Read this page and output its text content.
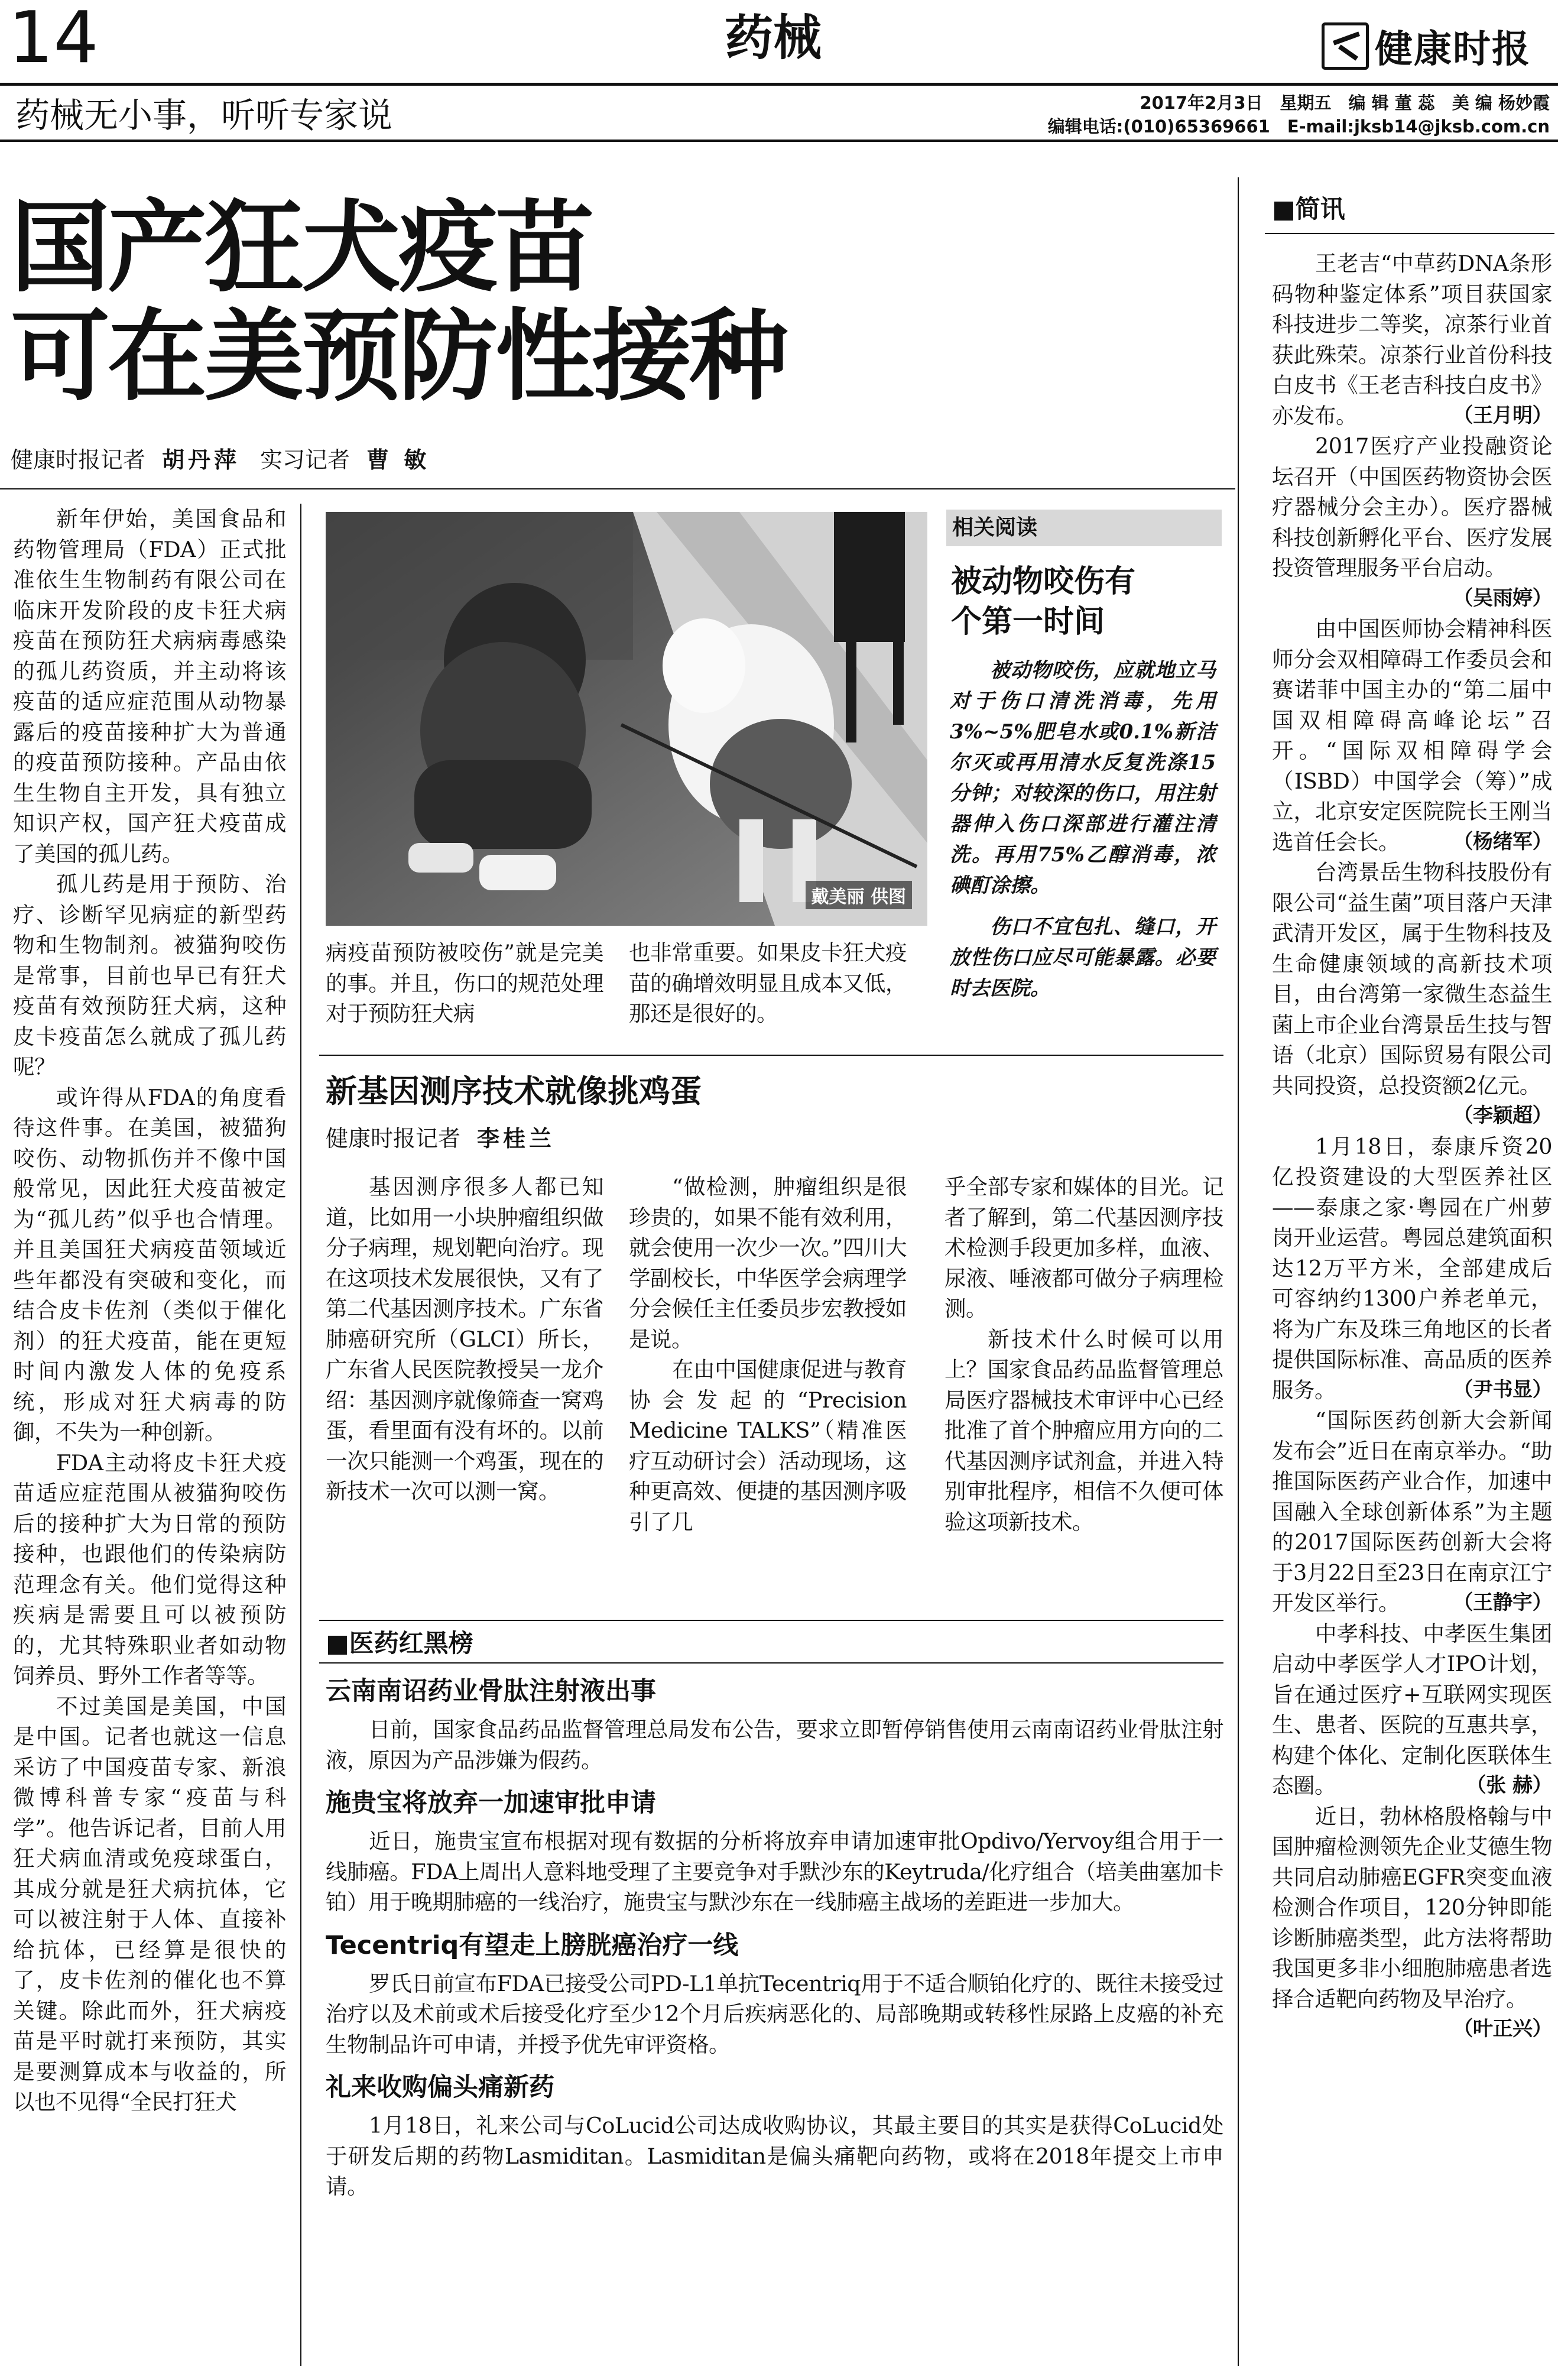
14	药械	健康时报
药械无小事，听听专家说	2017年2月3日　星期五　编 辑 董 蕊　美 编 杨妙霞
编辑电话:(010)65369661　E-mail:jksb14@jksb.com.cn
国产狂犬疫苗
可在美预防性接种
健康时报记者 胡丹萍 实习记者 曹 敏

新年伊始，美国食品和药物管理局（FDA）正式批准依生生物制药有限公司在临床开发阶段的皮卡狂犬病疫苗在预防狂犬病病毒感染的孤儿药资质，并主动将该疫苗的适应症范围从动物暴露后的疫苗接种扩大为普通的疫苗预防接种。产品由依生生物自主开发，具有独立知识产权，国产狂犬疫苗成了美国的孤儿药。

孤儿药是用于预防、治疗、诊断罕见病症的新型药物和生物制剂。被猫狗咬伤是常事，目前也早已有狂犬疫苗有效预防狂犬病，这种皮卡疫苗怎么就成了孤儿药呢？

或许得从FDA的角度看待这件事。在美国，被猫狗咬伤、动物抓伤并不像中国般常见，因此狂犬疫苗被定为“孤儿药”似乎也合情理。并且美国狂犬病疫苗领域近些年都没有突破和变化，而结合皮卡佐剂（类似于催化剂）的狂犬疫苗，能在更短时间内激发人体的免疫系统，形成对狂犬病毒的防御，不失为一种创新。

FDA主动将皮卡狂犬疫苗适应症范围从被猫狗咬伤后的接种扩大为日常的预防接种，也跟他们的传染病防范理念有关。他们觉得这种疾病是需要且可以被预防的，尤其特殊职业者如动物饲养员、野外工作者等等。

不过美国是美国，中国是中国。记者也就这一信息采访了中国疫苗专家、新浪微博科普专家“疫苗与科学”。他告诉记者，目前人用狂犬病血清或免疫球蛋白，其成分就是狂犬病抗体，它可以被注射于人体、直接补给抗体，已经算是很快的了，皮卡佐剂的催化也不算关键。除此而外，狂犬病疫苗是平时就打来预防，其实是要测算成本与收益的，所以也不见得“全民打狂犬

戴美丽 供图

病疫苗预防被咬伤”就是完美的事。并且，伤口的规范处理对于预防狂犬病

也非常重要。如果皮卡狂犬疫苗的确增效明显且成本又低，那还是很好的。

相关阅读
被动物咬伤有
个第一时间

被动物咬伤，应就地立马对于伤口清洗消毒，先用3%~5%肥皂水或0.1%新洁尔灭或再用清水反复洗涤15分钟；对较深的伤口，用注射器伸入伤口深部进行灌注清洗。再用75%乙醇消毒，浓碘酊涂擦。

伤口不宜包扎、缝口，开放性伤口应尽可能暴露。必要时去医院。

新基因测序技术就像挑鸡蛋
健康时报记者 李桂兰

基因测序很多人都已知道，比如用一小块肿瘤组织做分子病理，规划靶向治疗。现在这项技术发展很快，又有了第二代基因测序技术。广东省肺癌研究所（GLCI）所长，广东省人民医院教授吴一龙介绍：基因测序就像筛查一窝鸡蛋，看里面有没有坏的。以前一次只能测一个鸡蛋，现在的新技术一次可以测一窝。

“做检测，肿瘤组织是很珍贵的，如果不能有效利用，就会使用一次少一次。”四川大学副校长，中华医学会病理学分会候任主任委员步宏教授如是说。

在由中国健康促进与教育协会发起的“Precision Medicine TALKS”（精准医疗互动研讨会）活动现场，这种更高效、便捷的基因测序吸引了几

乎全部专家和媒体的目光。记者了解到，第二代基因测序技术检测手段更加多样，血液、尿液、唾液都可做分子病理检测。

新技术什么时候可以用上？国家食品药品监督管理总局医疗器械技术审评中心已经批准了首个肿瘤应用方向的二代基因测序试剂盒，并进入特别审批程序，相信不久便可体验这项新技术。

■医药红黑榜
云南南诏药业骨肽注射液出事

日前，国家食品药品监督管理总局发布公告，要求立即暂停销售使用云南南诏药业骨肽注射液，原因为产品涉嫌为假药。

施贵宝将放弃一加速审批申请

近日，施贵宝宣布根据对现有数据的分析将放弃申请加速审批Opdivo/Yervoy组合用于一线肺癌。FDA上周出人意料地受理了主要竞争对手默沙东的Keytruda/化疗组合（培美曲塞加卡铂）用于晚期肺癌的一线治疗，施贵宝与默沙东在一线肺癌主战场的差距进一步加大。

Tecentriq有望走上膀胱癌治疗一线

罗氏日前宣布FDA已接受公司PD-L1单抗Tecentriq用于不适合顺铂化疗的、既往未接受过治疗以及术前或术后接受化疗至少12个月后疾病恶化的、局部晚期或转移性尿路上皮癌的补充生物制品许可申请，并授予优先审评资格。

礼来收购偏头痛新药

1月18日，礼来公司与CoLucid公司达成收购协议，其最主要目的其实是获得CoLucid处于研发后期的药物Lasmiditan。Lasmiditan是偏头痛靶向药物，或将在2018年提交上市申请。

■简讯

王老吉“中草药DNA条形码物种鉴定体系”项目获国家科技进步二等奖，凉茶行业首获此殊荣。凉茶行业首份科技白皮书《王老吉科技白皮书》亦发布。	（王月明）

2017医疗产业投融资论坛召开（中国医药物资协会医疗器械分会主办）。医疗器械科技创新孵化平台、医疗发展投资管理服务平台启动。
（吴雨婷）

由中国医师协会精神科医师分会双相障碍工作委员会和赛诺菲中国主办的“第二届中国双相障碍高峰论坛”召开。“国际双相障碍学会（ISBD）中国学会（筹）”成立，北京安定医院院长王刚当选首任会长。	（杨绪军）

台湾景岳生物科技股份有限公司“益生菌”项目落户天津武清开发区，属于生物科技及生命健康领域的高新技术项目，由台湾第一家微生态益生菌上市企业台湾景岳生技与智语（北京）国际贸易有限公司共同投资，总投资额2亿元。
（李颖超）

1月18日，泰康斥资20亿投资建设的大型医养社区——泰康之家·粤园在广州萝岗开业运营。粤园总建筑面积达12万平方米，全部建成后可容纳约1300户养老单元，将为广东及珠三角地区的长者提供国际标准、高品质的医养服务。	（尹书显）

“国际医药创新大会新闻发布会”近日在南京举办。“助推国际医药产业合作，加速中国融入全球创新体系”为主题的2017国际医药创新大会将于3月22日至23日在南京江宁开发区举行。	（王静宇）

中孝科技、中孝医生集团启动中孝医学人才IPO计划，旨在通过医疗+互联网实现医生、患者、医院的互惠共享，构建个体化、定制化医联体生态圈。	（张 赫）

近日，勃林格殷格翰与中国肿瘤检测领先企业艾德生物共同启动肺癌EGFR突变血液检测合作项目，120分钟即能诊断肺癌类型，此方法将帮助我国更多非小细胞肺癌患者选择合适靶向药物及早治疗。
（叶正兴）
